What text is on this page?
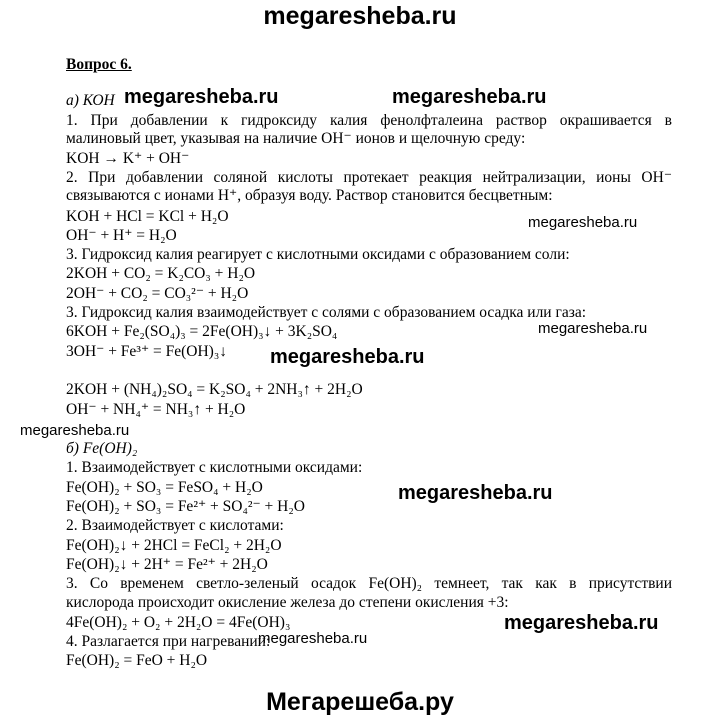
megaresheba.ru
Вопрос 6.
а) КОН
1. При добавлении к гидроксиду калия фенолфталеина раствор окрашивается в
малиновый цвет, указывая на наличие OH⁻ ионов и щелочную среду:
KOH → K⁺ + OH⁻
2. При добавлении соляной кислоты протекает реакция нейтрализации, ионы OH⁻
связываются с ионами H⁺, образуя воду. Раствор становится бесцветным:
KOH + HCl = KCl + H₂O
OH⁻ + H⁺ = H₂O
3. Гидроксид калия реагирует с кислотными оксидами с образованием соли:
2KOH + CO₂ = K₂CO₃ + H₂O
2OH⁻ + CO₂ = CO₃²⁻ + H₂O
3. Гидроксид калия взаимодействует с солями с образованием осадка или газа:
6KOH + Fe₂(SO₄)₃ = 2Fe(OH)₃↓ + 3K₂SO₄
3OH⁻ + Fe³⁺ = Fe(OH)₃↓
2KOH + (NH₄)₂SO₄ = K₂SO₄ + 2NH₃↑ + 2H₂O
OH⁻ + NH₄⁺ = NH₃↑ + H₂O
б) Fe(OH)₂
1. Взаимодействует с кислотными оксидами:
Fe(OH)₂ + SO₃ = FeSO₄ + H₂O
Fe(OH)₂ + SO₃ = Fe²⁺ + SO₄²⁻ + H₂O
2. Взаимодействует с кислотами:
Fe(OH)₂↓ + 2HCl = FeCl₂ + 2H₂O
Fe(OH)₂↓ + 2H⁺ = Fe²⁺ + 2H₂O
3. Со временем светло-зеленый осадок Fe(OH)₂ темнеет, так как в присутствии
кислорода происходит окисление железа до степени окисления +3:
4Fe(OH)₂ + O₂ + 2H₂O = 4Fe(OH)₃
4. Разлагается при нагревании:
Fe(OH)₂ = FeO + H₂O
megaresheba.ru	megaresheba.ru
megaresheba.ru
megaresheba.ru
megaresheba.ru
megaresheba.ru
megaresheba.ru
megaresheba.ru
megaresheba.ru
Мегарешеба.ру
